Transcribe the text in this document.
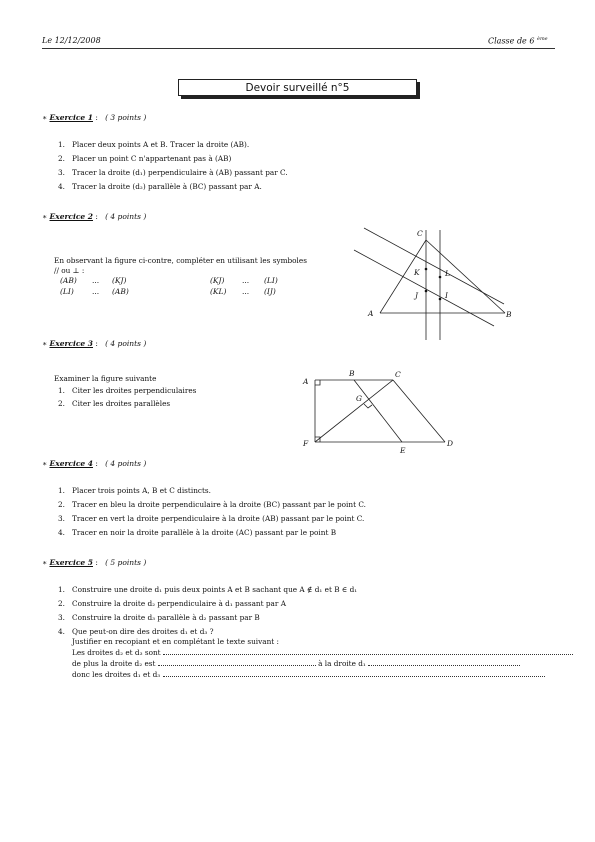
Le 12/12/2008	Classe de 6 $^{ème}$
Devoir surveillé n°5
∗ Exercice 1 : ( 3 points )
1. Placer deux points A et B. Tracer la droite (AB).
2. Placer un point C n'appartenant pas à (AB)
3. Tracer la droite (d₁) perpendiculaire à (AB) passant par C.
4. Tracer la droite (d₂) parallèle à (BC) passant par A.
∗ Exercice 2 : ( 4 points )
En observant la figure ci-contre, compléter en utilisant les symboles
// ou ⊥ :
(AB) ... (KJ)	(KJ) ... (LI)
(LI) ... (AB)	(KL) ... (IJ)
A	B
C
K	L
J	I
∗ Exercice 3 : ( 4 points )
Examiner la figure suivante
1. Citer les droites perpendiculaires
2. Citer les droites parallèles
A
B	C
G
F
E
D
∗ Exercice 4 : ( 4 points )
1. Placer trois points A, B et C distincts.
2. Tracer en bleu la droite perpendiculaire à la droite (BC) passant par le point C.
3. Tracer en vert la droite perpendiculaire à la droite (AB) passant par le point C.
4. Tracer en noir la droite parallèle à la droite (AC) passant par le point B
∗ Exercice 5 : ( 5 points )
1. Construire une droite d₁ puis deux points A et B sachant que A ∉ d₁ et B ∈ d₁
2. Construire la droite d₂ perpendiculaire à d₁ passant par A
3. Construire la droite d₃ parallèle à d₂ passant par B
4. Que peut-on dire des droites d₁ et d₃ ?
Justifier en recopiant et en complétant le texte suivant :
Les droites d₂ et d₃ sont
de plus la droite d₂ est	à la droite d₁
donc les droites d₁ et d₃
